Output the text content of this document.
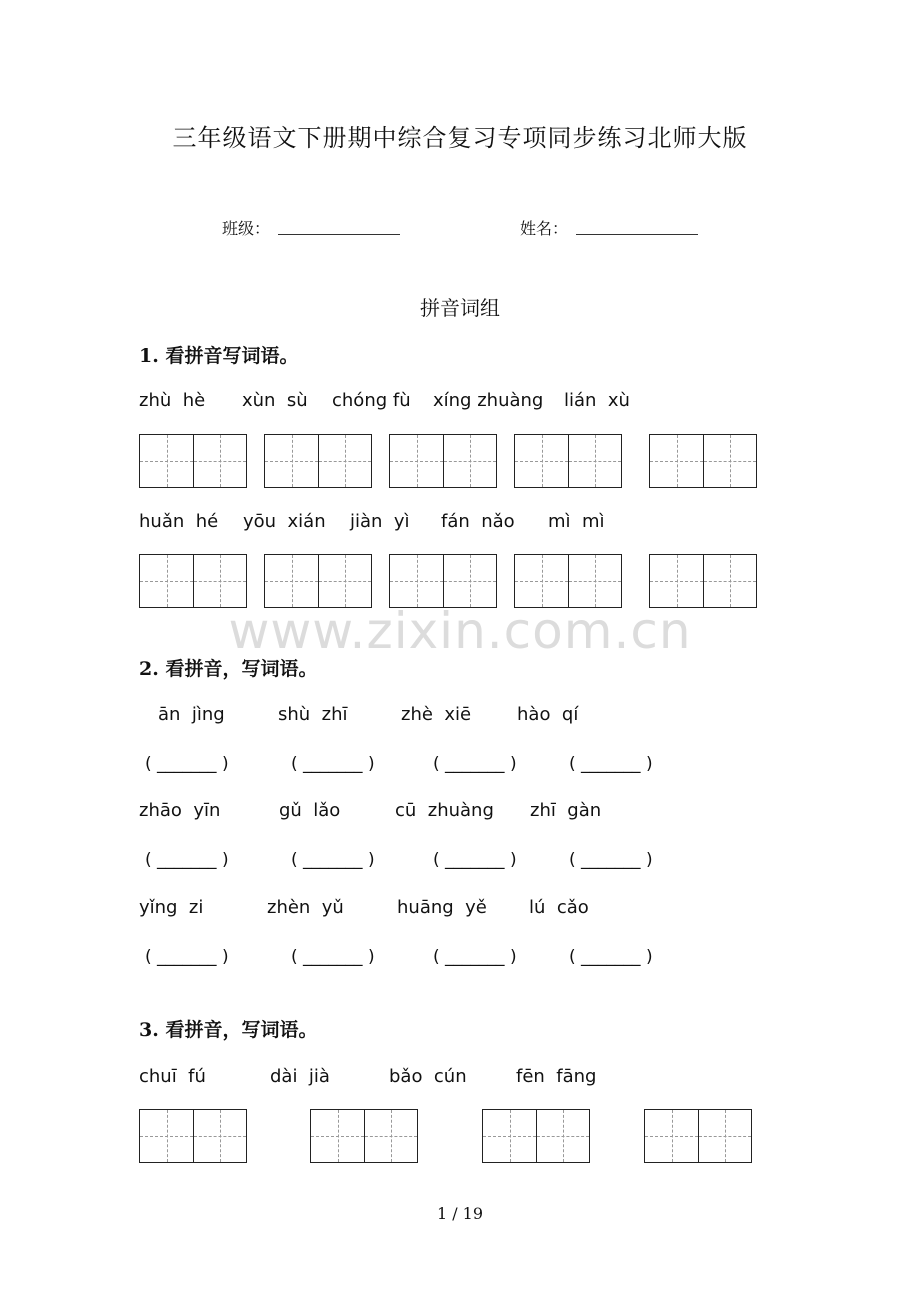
三年级语文下册期中综合复习专项同步练习北师大版
班级：	姓名：
拼音词组
1. 看拼音写词语。
zhù  hè xùn  sù chóng fù xíng zhuàng lián  xù
huǎn  hé yōu  xián jiàn  yì fán  nǎo mì  mì
www.zixin.com.cn
2. 看拼音，写词语。
ān  jìng	shù  zhī	zhè  xiē	hào  qí
( _______ )	( _______ )	( _______ )	( _______ )
zhāo  yīn	gǔ  lǎo	cū  zhuàng zhī  gàn
( _______ )	( _______ )	( _______ )	( _______ )
yǐng  zi	zhèn  yǔ	huāng  yě lú  cǎo
( _______ )	( _______ )	( _______ )	( _______ )
3. 看拼音，写词语。
chuī  fú	dài  jià	bǎo  cún	fēn  fāng
1 / 19
